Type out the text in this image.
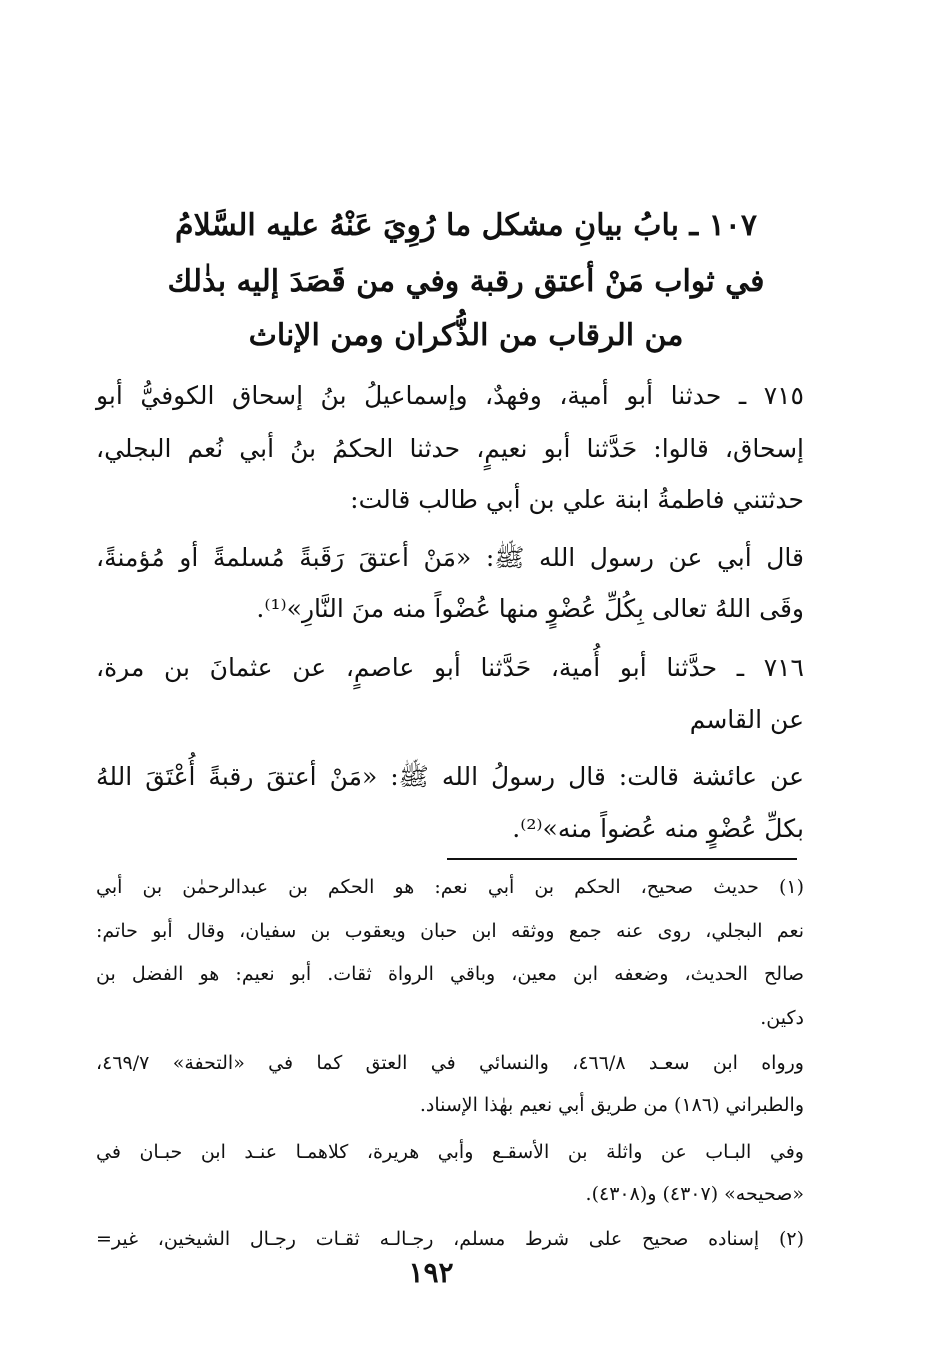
١٠٧ ـ بابُ بيانِ مشكل ما رُوِيَ عَنْهُ عليه السَّلامُ
في ثواب مَنْ أعتق رقبة وفي من قَصَدَ إليه بذٰلك
من الرقاب من الذُّكران ومن الإناث
٧١٥ ـ حدثنا أبو أمية، وفهدٌ، وإسماعيلُ بنُ إسحاق الكوفيُّ أبو
إسحاق، قالوا: حَدَّثنا أبو نعيمٍ، حدثنا الحكمُ بنُ أبي نُعم البجلي،
حدثتني فاطمةُ ابنة علي بن أبي طالب قالت:
قال أبي عن رسول الله ﷺ: «مَنْ أعتقَ رَقَبةً مُسلمةً أو مُؤمنةً،
وقَى اللهُ تعالى بِكُلِّ عُضْوٍ منها عُضْواً منه منَ النَّارِ»⁽¹⁾.
٧١٦ ـ حدَّثنا أبو أُمية، حَدَّثنا أبو عاصمٍ، عن عثمانَ بن مرة،
عن القاسم
عن عائشة قالت: قال رسولُ الله ﷺ: «مَنْ أعتقَ رقبةً أُعْتَقَ اللهُ
بكلِّ عُضْوٍ منه عُضواً منه»⁽²⁾.
(١) حديث صحيح، الحكم بن أبي نعم: هو الحكم بن عبدالرحمٰن بن أبي
نعم البجلي، روى عنه جمع ووثقه ابن حبان ويعقوب بن سفيان، وقال أبو حاتم:
صالح الحديث، وضعفه ابن معين، وباقي الرواة ثقات. أبو نعيم: هو الفضل بن
دكين.
ورواه ابن سعـد ٤٦٦/٨، والنسائي في العتق كما في «التحفة» ٤٦٩/٧،
والطبراني (١٨٦) من طريق أبي نعيم بهٰذا الإسناد.
وفي البـاب عن واثلة بن الأسقـع وأبي هريرة، كلاهمـا عنـد ابن حبـان في
«صحيحه» (٤٣٠٧) و(٤٣٠٨).
(٢) إسناده صحيح على شرط مسلم، رجـالـه ثقـات رجـال الشيخين، غير=
١٩٢
